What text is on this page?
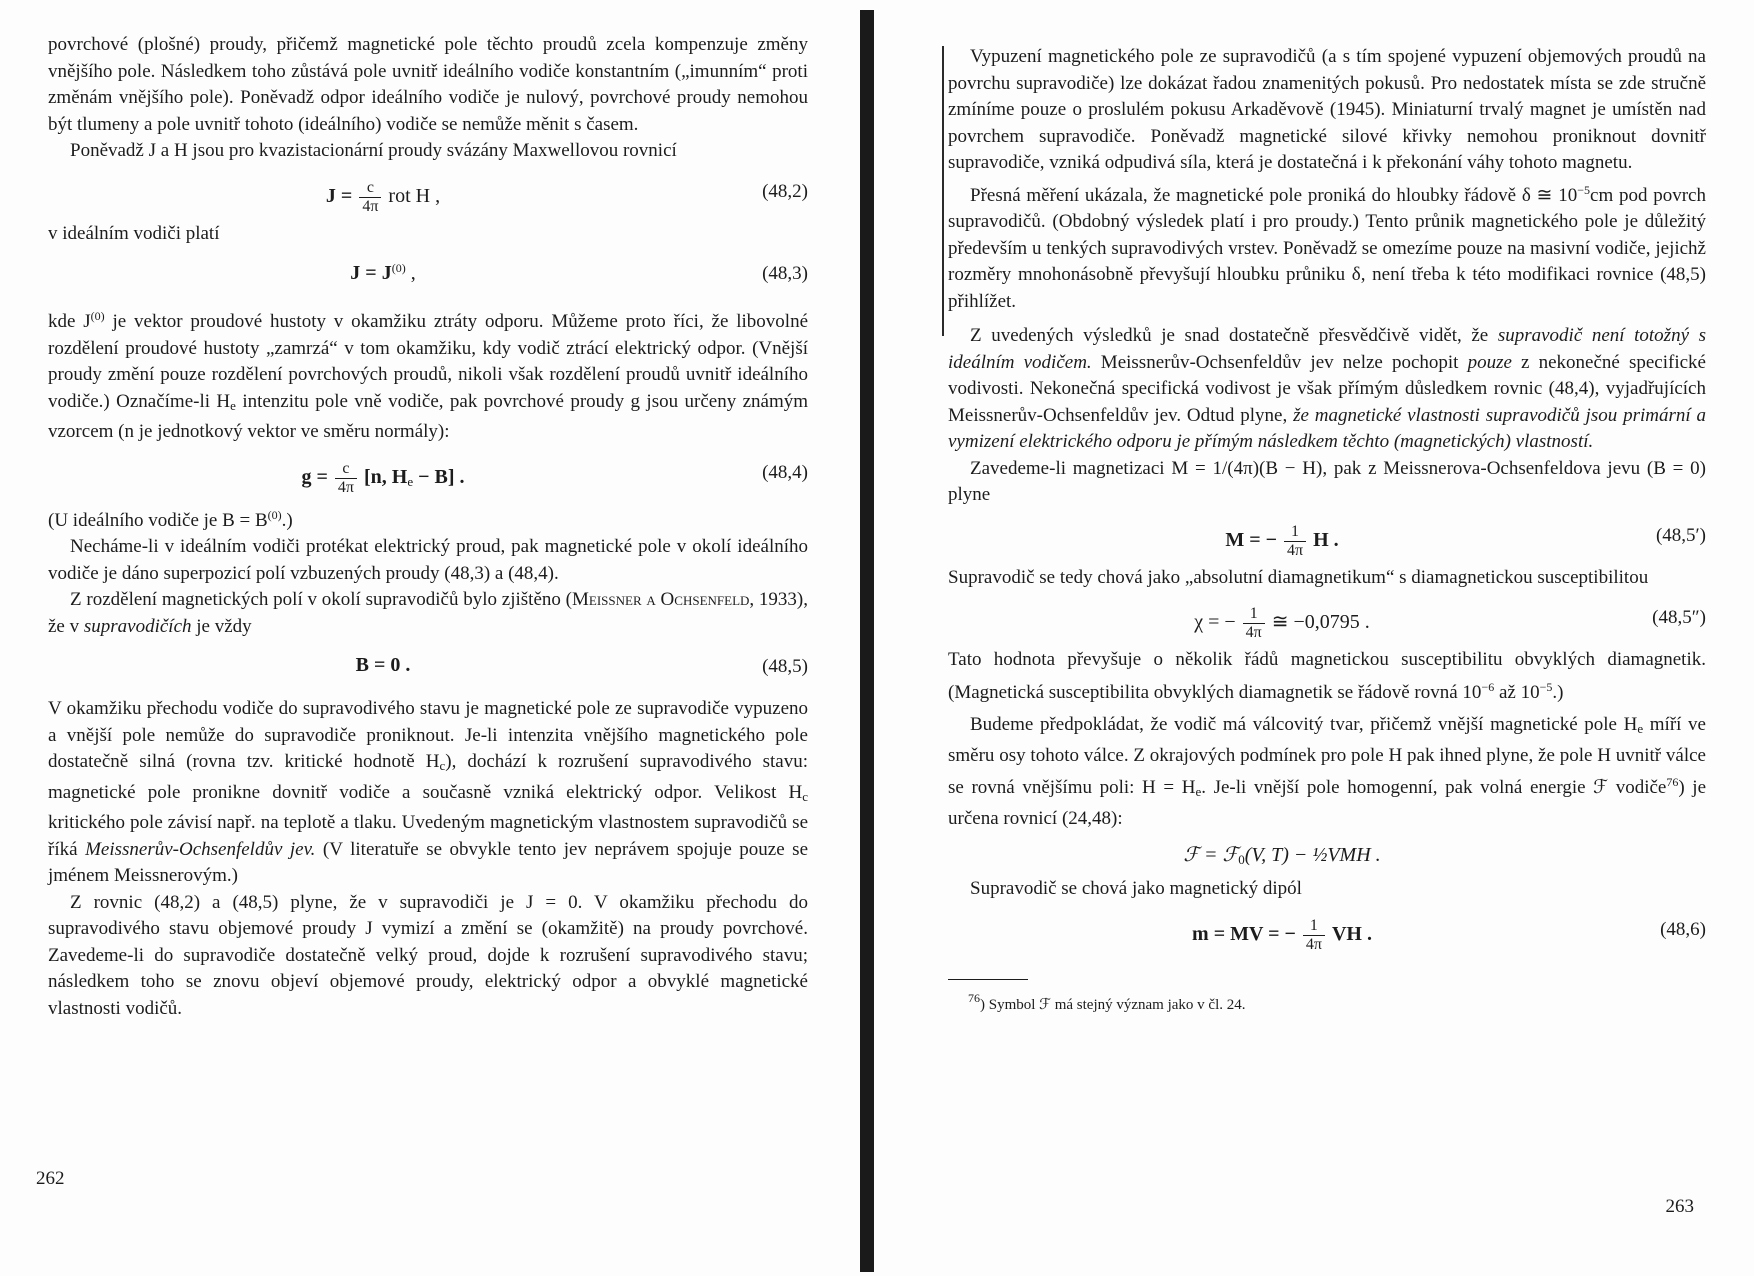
povrchové (plošné) proudy, přičemž magnetické pole těchto proudů zcela kompenzuje změny vnějšího pole. Následkem toho zůstává pole uvnitř ideálního vodiče konstantním („imunním“ proti změnám vnějšího pole). Poněvadž odpor ideálního vodiče je nulový, povrchové proudy nemohou být tlumeny a pole uvnitř tohoto (ideálního) vodiče se nemůže měnit s časem.

Poněvadž J a H jsou pro kvazistacionární proudy svázány Maxwellovou rovnicí

$J = \frac{c}{4\pi}$ rot H ,	(48,2)

v ideálním vodiči platí

$J = J^{(0)}$ ,	(48,3)

kde $J^{(0)}$ je vektor proudové hustoty v okamžiku ztráty odporu. Můžeme proto říci, že libovolné rozdělení proudové hustoty „zamrzá“ v tom okamžiku, kdy vodič ztrácí elektrický odpor. (Vnější proudy změní pouze rozdělení povrchových proudů, nikoli však rozdělení proudů uvnitř ideálního vodiče.) Označíme-li $H_e$ intenzitu pole vně vodiče, pak povrchové proudy g jsou určeny známým vzorcem (n je jednotkový vektor ve směru normály):

$g = \frac{c}{4\pi} [n$, $H_e - B$] .	(48,4)

(U ideálního vodiče je $B = B^{(0)}$.)

Necháme-li v ideálním vodiči protékat elektrický proud, pak magnetické pole v okolí ideálního vodiče je dáno superpozicí polí vzbuzených proudy (48,3) a (48,4).

Z rozdělení magnetických polí v okolí supravodičů bylo zjištěno (Meissner a Ochsenfeld, 1933), že v supravodičích je vždy

B = 0 .	(48,5)

V okamžiku přechodu vodiče do supravodivého stavu je magnetické pole ze supravodiče vypuzeno a vnější pole nemůže do supravodiče proniknout. Je-li intenzita vnějšího magnetického pole dostatečně silná (rovna tzv. kritické hodnotě $H_c$), dochází k rozrušení supravodivého stavu: magnetické pole pronikne dovnitř vodiče a současně vzniká elektrický odpor. Velikost $H_c$ kritického pole závisí např. na teplotě a tlaku. Uvedeným magnetickým vlastnostem supravodičů se říká Meissnerův-Ochsenfeldův jev. (V literatuře se obvykle tento jev neprávem spojuje pouze se jménem Meissnerovým.)

Z rovnic (48,2) a (48,5) plyne, že v supravodiči je J = 0. V okamžiku přechodu do supravodivého stavu objemové proudy J vymizí a změní se (okamžitě) na proudy povrchové. Zavedeme-li do supravodiče dostatečně velký proud, dojde k rozrušení supravodivého stavu; následkem toho se znovu objeví objemové proudy, elektrický odpor a obvyklé magnetické vlastnosti vodičů.

262

Vypuzení magnetického pole ze supravodičů (a s tím spojené vypuzení objemových proudů na povrchu supravodiče) lze dokázat řadou znamenitých pokusů. Pro nedostatek místa se zde stručně zmíníme pouze o proslulém pokusu Arkaděvově (1945). Miniaturní trvalý magnet je umístěn nad povrchem supravodiče. Poněvadž magnetické silové křivky nemohou proniknout dovnitř supravodiče, vzniká odpudivá síla, která je dostatečná i k překonání váhy tohoto magnetu.

Přesná měření ukázala, že magnetické pole proniká do hloubky řádově δ ≅ $10^{-5}cm$ pod povrch supravodičů. (Obdobný výsledek platí i pro proudy.) Tento průnik magnetického pole je důležitý především u tenkých supravodivých vrstev. Poněvadž se omezíme pouze na masivní vodiče, jejichž rozměry mnohonásobně převyšují hloubku průniku δ, není třeba k této modifikaci rovnice (48,5) přihlížet.

Z uvedených výsledků je snad dostatečně přesvědčivě vidět, že supravodič není totožný s ideálním vodičem. Meissnerův-Ochsenfeldův jev nelze pochopit pouze z nekonečné specifické vodivosti. Nekonečná specifická vodivost je však přímým důsledkem rovnic (48,4), vyjadřujících Meissnerův-Ochsenfeldův jev. Odtud plyne, že magnetické vlastnosti supravodičů jsou primární a vymizení elektrického odporu je přímým následkem těchto (magnetických) vlastností.

Zavedeme-li magnetizaci M = 1/(4π)(B − H), pak z Meissnerova-Ochsenfeldova jevu (B = 0) plyne

M = − $\frac{1}{4\pi}$ H .	(48,5′)

Supravodič se tedy chová jako „absolutní diamagnetikum“ s diamagnetickou susceptibilitou

χ = − $\frac{1}{4\pi}$ ≅ −0,0795 .	(48,5″)

Tato hodnota převyšuje o několik řádů magnetickou susceptibilitu obvyklých diamagnetik. (Magnetická susceptibilita obvyklých diamagnetik se řádově rovná $10^{-6}$ až $10^{-5}$.)

Budeme předpokládat, že vodič má válcovitý tvar, přičemž vnější magnetické pole $H_e$ míří ve směru osy tohoto válce. Z okrajových podmínek pro pole H pak ihned plyne, že pole H uvnitř válce se rovná vnějšímu poli: $H = H_e$. Je-li vnější pole homogenní, pak volná energie ℱ vodiče$^{76}$) je určena rovnicí (24,48):

ℱ = ℱ$_0$(V, T) − ½VMH .

Supravodič se chová jako magnetický dipól

m = MV = − $\frac{1}{4\pi}$ VH .	(48,6)

$^{76}$) Symbol ℱ má stejný význam jako v čl. 24.

263
